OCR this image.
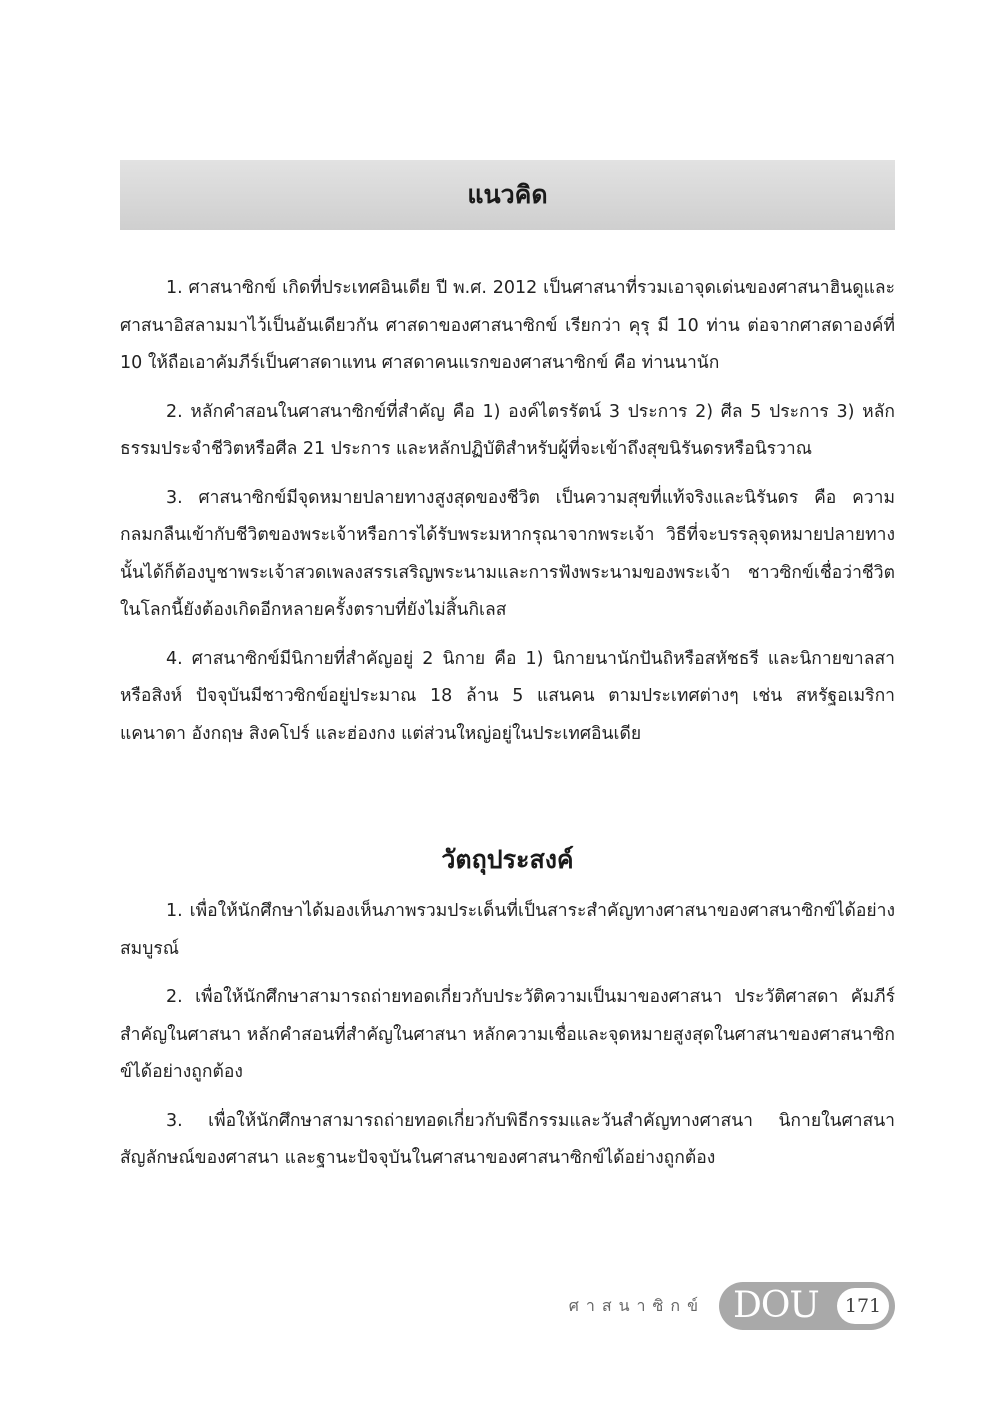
แนวคิด

1. ศาสนาซิกข์ เกิดที่ประเทศอินเดีย ปี พ.ศ. 2012 เป็นศาสนาที่รวมเอาจุดเด่นของศาสนาฮินดูและศาสนาอิสลามมาไว้เป็นอันเดียวกัน ศาสดาของศาสนาซิกข์ เรียกว่า คุรุ มี 10 ท่าน ต่อจากศาสดาองค์ที่ 10 ให้ถือเอาคัมภีร์เป็นศาสดาแทน ศาสดาคนแรกของศาสนาซิกข์ คือ ท่านนานัก

2. หลักคำสอนในศาสนาซิกข์ที่สำคัญ คือ 1) องค์ไตรรัตน์ 3 ประการ 2) ศีล 5 ประการ 3) หลักธรรมประจำชีวิตหรือศีล 21 ประการ และหลักปฏิบัติสำหรับผู้ที่จะเข้าถึงสุขนิรันดรหรือนิรวาณ

3. ศาสนาซิกข์มีจุดหมายปลายทางสูงสุดของชีวิต เป็นความสุขที่แท้จริงและนิรันดร คือ ความกลมกลืนเข้ากับชีวิตของพระเจ้าหรือการได้รับพระมหากรุณาจากพระเจ้า วิธีที่จะบรรลุจุดหมายปลายทางนั้นได้ก็ต้องบูชาพระเจ้าสวดเพลงสรรเสริญพระนามและการฟังพระนามของพระเจ้า ชาวซิกข์เชื่อว่าชีวิตในโลกนี้ยังต้องเกิดอีกหลายครั้งตราบที่ยังไม่สิ้นกิเลส

4. ศาสนาซิกข์มีนิกายที่สำคัญอยู่ 2 นิกาย คือ 1) นิกายนานักปันถิหรือสหัชธรี และนิกายขาลสาหรือสิงห์ ปัจจุบันมีชาวซิกข์อยู่ประมาณ 18 ล้าน 5 แสนคน ตามประเทศต่างๆ เช่น สหรัฐอเมริกา แคนาดา อังกฤษ สิงคโปร์ และฮ่องกง แต่ส่วนใหญ่อยู่ในประเทศอินเดีย

วัตถุประสงค์

1. เพื่อให้นักศึกษาได้มองเห็นภาพรวมประเด็นที่เป็นสาระสำคัญทางศาสนาของศาสนาซิกข์ได้อย่างสมบูรณ์

2. เพื่อให้นักศึกษาสามารถถ่ายทอดเกี่ยวกับประวัติความเป็นมาของศาสนา ประวัติศาสดา คัมภีร์สำคัญในศาสนา หลักคำสอนที่สำคัญในศาสนา หลักความเชื่อและจุดหมายสูงสุดในศาสนาของศาสนาซิกข์ได้อย่างถูกต้อง

3. เพื่อให้นักศึกษาสามารถถ่ายทอดเกี่ยวกับพิธีกรรมและวันสำคัญทางศาสนา นิกายในศาสนา สัญลักษณ์ของศาสนา และฐานะปัจจุบันในศาสนาของศาสนาซิกข์ได้อย่างถูกต้อง

ศาสนาซิกข์ DOU	171
